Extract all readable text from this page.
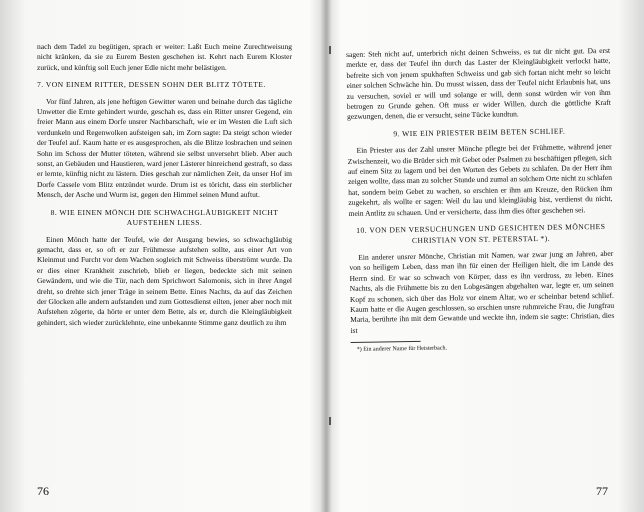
nach dem Tadel zu begütigen, sprach er weiter: Laßt Euch meine Zurechtweisung nicht kränken, da sie zu Eurem Besten geschehen ist. Kehrt nach Eurem Kloster zurück, und künftig soll Euch jener Edle nicht mehr belästigen.

7. VON EINEM RITTER, DESSEN SOHN DER BLITZ TÖTETE.

Vor fünf Jahren, als jene heftigen Gewitter waren und beinahe durch das tägliche Unwetter die Ernte gehindert wurde, geschah es, dass ein Ritter unsrer Gegend, ein freier Mann aus einem Dorfe unsrer Nachbarschaft, wie er im Westen die Luft sich verdunkeln und Regenwolken aufsteigen sah, im Zorn sagte: Da steigt schon wieder der Teufel auf. Kaum hatte er es ausgesprochen, als die Blitze losbrachen und seinen Sohn im Schoss der Mutter töteten, während sie selbst unversehrt blieb. Aber auch sonst, an Gebäuden und Haustieren, ward jener Lästerer hinreichend gestraft, so dass er lernte, künftig nicht zu lästern. Dies geschah zur nämlichen Zeit, da unser Hof im Dorfe Cassele vom Blitz entzündet wurde. Drum ist es töricht, dass ein sterblicher Mensch, der Asche und Wurm ist, gegen den Himmel seinen Mund auftut.

8. WIE EINEN MÖNCH DIE SCHWACHGLÄUBIGKEIT NICHT AUFSTEHEN LIESS.

Einen Mönch hatte der Teufel, wie der Ausgang bewies, so schwachgläubig gemacht, dass er, so oft er zur Frühmesse aufstehen sollte, aus einer Art von Kleinmut und Furcht vor dem Wachen sogleich mit Schweiss überströmt wurde. Da er dies einer Krankheit zuschrieb, blieb er liegen, bedeckte sich mit seinen Gewändern, und wie die Tür, nach dem Sprichwort Salomonis, sich in ihrer Angel dreht, so drehte sich jener Träge in seinem Bette. Eines Nachts, da auf das Zeichen der Glocken alle andern aufstanden und zum Gottesdienst eilten, jener aber noch mit Aufstehen zögerte, da hörte er unter dem Bette, als er, durch die Kleingläubigkeit gehindert, sich wieder zurücklehnte, eine unbekannte Stimme ganz deutlich zu ihm

76

sagen: Steh nicht auf, unterbrich nicht deinen Schweiss, es tut dir nicht gut. Da erst merkte er, dass der Teufel ihn durch das Laster der Kleingläubigkeit verlockt hatte, befreite sich von jenem spukhaften Schweiss und gab sich fortan nicht mehr so leicht einer solchen Schwäche hin. Du musst wissen, dass der Teufel nicht Erlaubnis hat, uns zu versuchen, soviel er will und solange er will, denn sonst würden wir von ihm betrogen zu Grunde gehen. Oft muss er wider Willen, durch die göttliche Kraft gezwungen, denen, die er versucht, seine Tücke kundtun.

9. WIE EIN PRIESTER BEIM BETEN SCHLIEF.

Ein Priester aus der Zahl unsrer Mönche pflegte bei der Frühmette, während jener Zwischenzeit, wo die Brüder sich mit Gebet oder Psalmen zu beschäftigen pflegen, sich auf einem Sitz zu lagern und bei den Worten des Gebets zu schlafen. Da der Herr ihm zeigen wollte, dass man zu solcher Stunde und zumal an solchem Orte nicht zu schlafen hat, sondern beim Gebet zu wachen, so erschien er ihm am Kreuze, den Rücken ihm zugekehrt, als wollte er sagen: Weil du lau und kleingläubig bist, verdienst du nicht, mein Antlitz zu schauen. Und er versicherte, dass ihm dies öfter geschehen sei.

10. VON DEN VERSUCHUNGEN UND GESICHTEN DES MÖNCHES CHRISTIAN VON ST. PETERSTAL *).

Ein anderer unsrer Mönche, Christian mit Namen, war zwar jung an Jahren, aber von so heiligem Leben, dass man ihn für einen der Heiligen hielt, die im Lande des Herrn sind. Er war so schwach von Körper, dass es ihn verdross, zu leben. Eines Nachts, als die Frühmette bis zu den Lobgesängen abgehalten war, legte er, um seinen Kopf zu schonen, sich über das Holz vor einem Altar, wo er scheinbar betend schlief. Kaum hatte er die Augen geschlossen, so erschien unsre ruhmreiche Frau, die Jungfrau Maria, berührte ihn mit dem Gewande und weckte ihn, indem sie sagte: Christian, dies ist

*) Ein anderer Name für Heisterbach.

77
